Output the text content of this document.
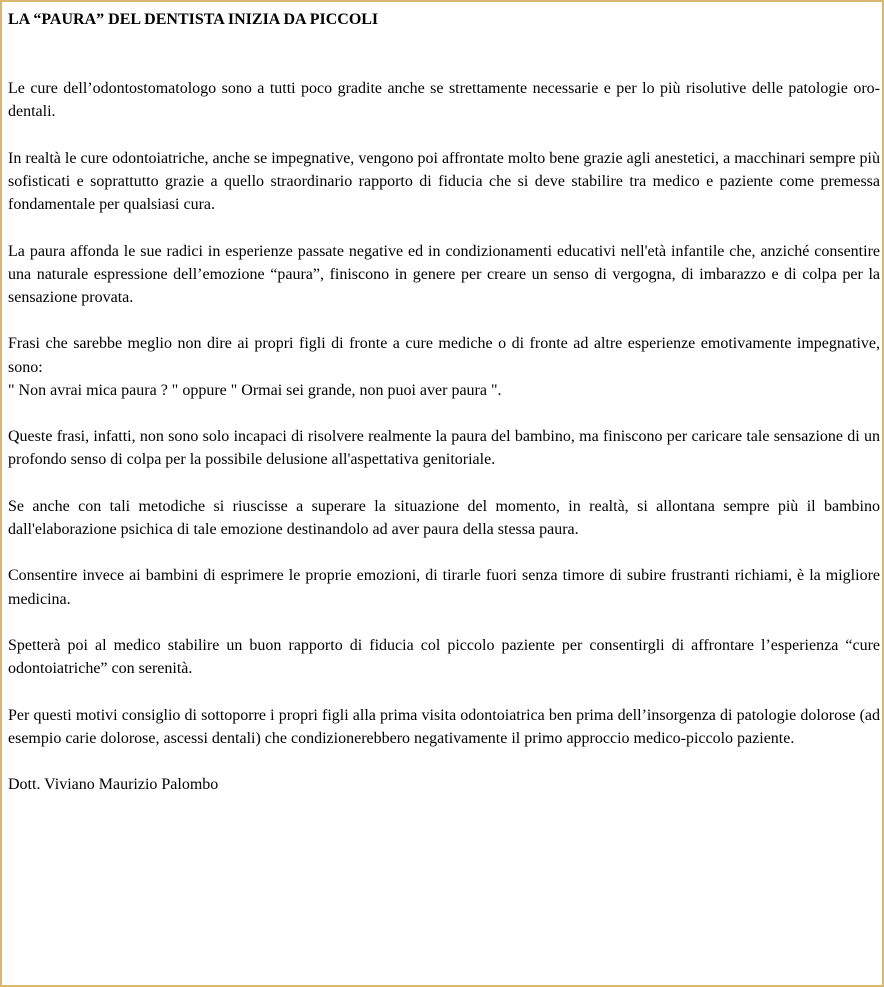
LA “PAURA” DEL DENTISTA INIZIA DA PICCOLI

Le cure dell’odontostomatologo sono a tutti poco gradite anche se strettamente necessarie e per lo più risolutive delle patologie oro-dentali.

In realtà le cure odontoiatriche, anche se impegnative, vengono poi affrontate molto bene grazie agli anestetici, a macchinari sempre più sofisticati e soprattutto grazie a quello straordinario rapporto di fiducia che si deve stabilire tra medico e paziente come premessa fondamentale per qualsiasi cura.

La paura affonda le sue radici in esperienze passate negative ed in condizionamenti educativi nell'età infantile che, anziché consentire una naturale espressione dell’emozione “paura”, finiscono in genere per creare un senso di vergogna, di imbarazzo e di colpa per la sensazione provata.

Frasi che sarebbe meglio non dire ai propri figli di fronte a cure mediche o di fronte ad altre esperienze emotivamente impegnative, sono:
" Non avrai mica paura ? " oppure " Ormai sei grande, non puoi aver paura ".

Queste frasi, infatti, non sono solo incapaci di risolvere realmente la paura del bambino, ma finiscono per caricare tale sensazione di un profondo senso di colpa per la possibile delusione all'aspettativa genitoriale.

Se anche con tali metodiche si riuscisse a superare la situazione del momento, in realtà, si allontana sempre più il bambino dall'elaborazione psichica di tale emozione destinandolo ad aver paura della stessa paura.

Consentire invece ai bambini di esprimere le proprie emozioni, di tirarle fuori senza timore di subire frustranti richiami, è la migliore medicina.

Spetterà poi al medico stabilire un buon rapporto di fiducia col piccolo paziente per consentirgli di affrontare l’esperienza “cure odontoiatriche” con serenità.

Per questi motivi consiglio di sottoporre i propri figli alla prima visita odontoiatrica ben prima dell’insorgenza di patologie dolorose (ad esempio carie dolorose, ascessi dentali) che condizionerebbero negativamente il primo approccio medico-piccolo paziente.

Dott. Viviano Maurizio Palombo
